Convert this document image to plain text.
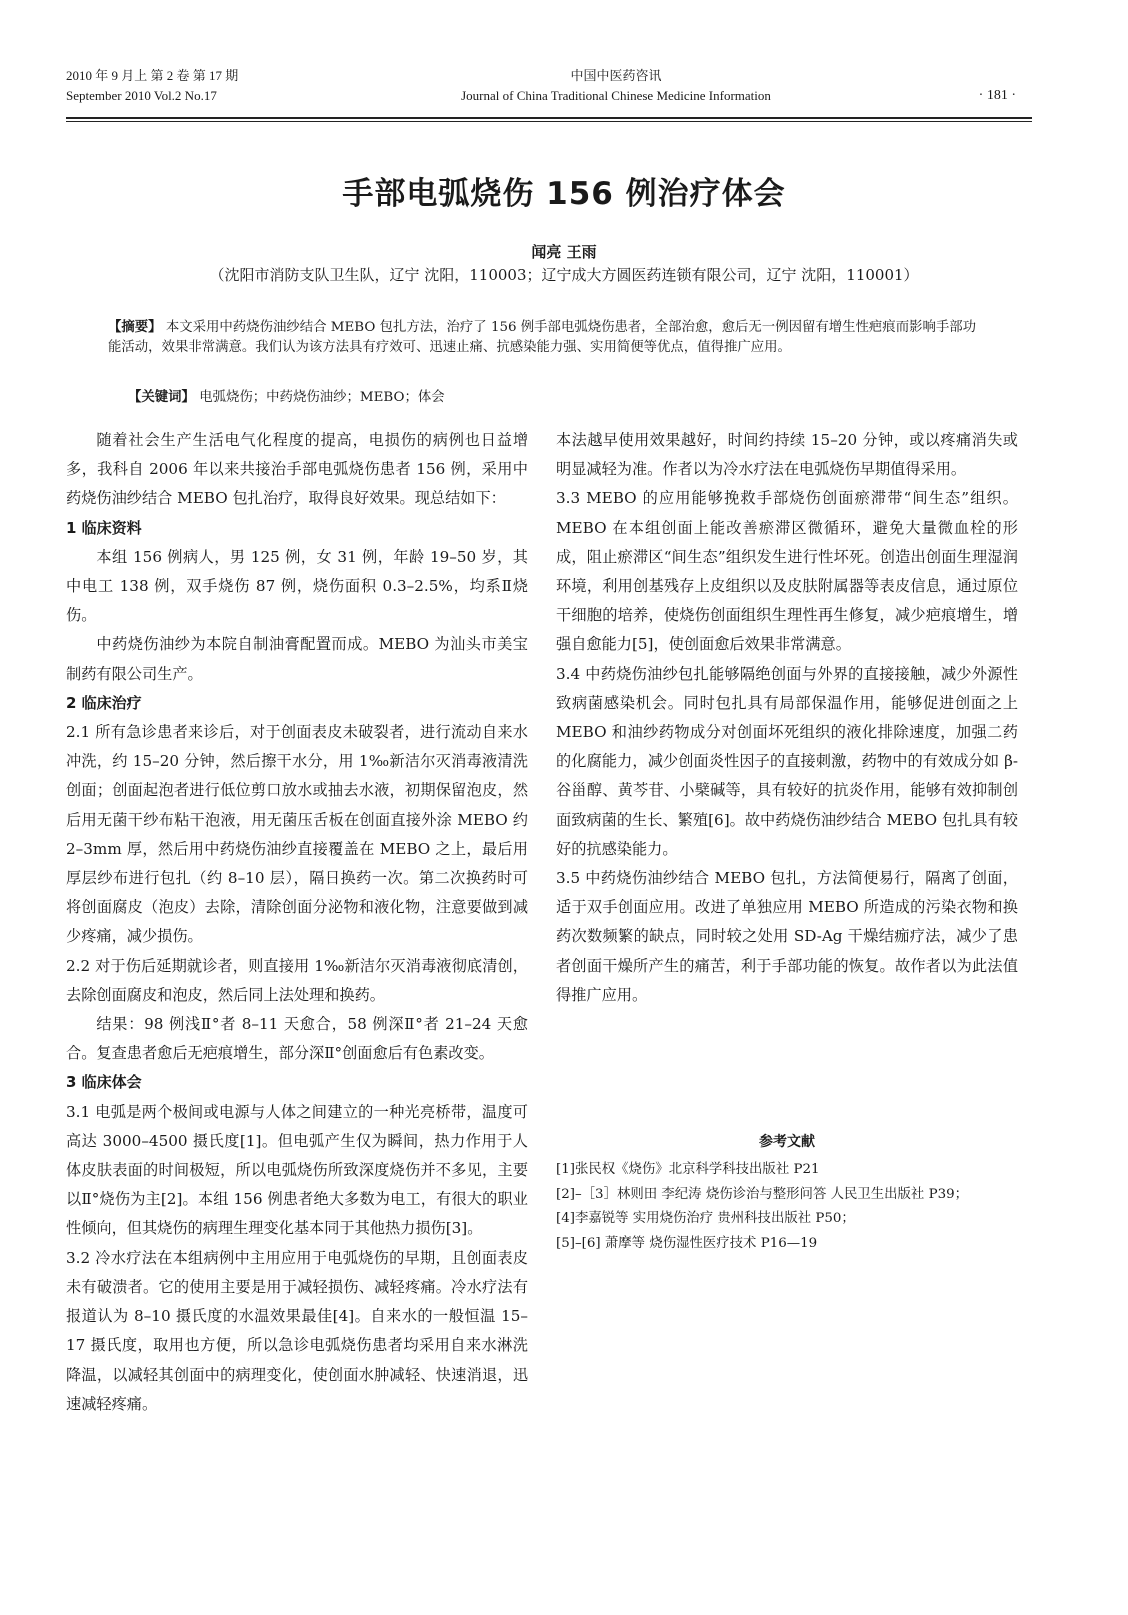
2010 年 9 月上 第 2 卷 第 17 期
September 2010 Vol.2 No.17
中国中医药咨讯
Journal of China Traditional Chinese Medicine Information	· 181 ·
手部电弧烧伤 156 例治疗体会
闻亮 王雨
（沈阳市消防支队卫生队，辽宁 沈阳，110003；辽宁成大方圆医药连锁有限公司，辽宁 沈阳，110001）
【摘要】 本文采用中药烧伤油纱结合 MEBO 包扎方法，治疗了 156 例手部电弧烧伤患者，全部治愈，愈后无一例因留有增生性疤痕而影响手部功能活动，效果非常满意。我们认为该方法具有疗效可、迅速止痛、抗感染能力强、实用简便等优点，值得推广应用。
【关键词】 电弧烧伤；中药烧伤油纱；MEBO；体会

随着社会生产生活电气化程度的提高，电损伤的病例也日益增多，我科自 2006 年以来共接治手部电弧烧伤患者 156 例，采用中药烧伤油纱结合 MEBO 包扎治疗，取得良好效果。现总结如下：

1 临床资料

本组 156 例病人，男 125 例，女 31 例，年龄 19–50 岁，其中电工 138 例，双手烧伤 87 例，烧伤面积 0.3–2.5%，均系Ⅱ烧伤。

中药烧伤油纱为本院自制油膏配置而成。MEBO 为汕头市美宝制药有限公司生产。

2 临床治疗

2.1 所有急诊患者来诊后，对于创面表皮未破裂者，进行流动自来水冲洗，约 15–20 分钟，然后擦干水分，用 1‰新洁尔灭消毒液清洗创面；创面起泡者进行低位剪口放水或抽去水液，初期保留泡皮，然后用无菌干纱布粘干泡液，用无菌压舌板在创面直接外涂 MEBO 约 2–3mm 厚，然后用中药烧伤油纱直接覆盖在 MEBO 之上，最后用厚层纱布进行包扎（约 8–10 层），隔日换药一次。第二次换药时可将创面腐皮（泡皮）去除，清除创面分泌物和液化物，注意要做到减少疼痛，减少损伤。

2.2 对于伤后延期就诊者，则直接用 1‰新洁尔灭消毒液彻底清创，去除创面腐皮和泡皮，然后同上法处理和换药。

结果：98 例浅Ⅱ°者 8–11 天愈合，58 例深Ⅱ°者 21–24 天愈合。复查患者愈后无疤痕增生，部分深Ⅱ°创面愈后有色素改变。

3 临床体会

3.1 电弧是两个极间或电源与人体之间建立的一种光亮桥带，温度可高达 3000–4500 摄氏度[1]。但电弧产生仅为瞬间，热力作用于人体皮肤表面的时间极短，所以电弧烧伤所致深度烧伤并不多见，主要以Ⅱ°烧伤为主[2]。本组 156 例患者绝大多数为电工，有很大的职业性倾向，但其烧伤的病理生理变化基本同于其他热力损伤[3]。

3.2 冷水疗法在本组病例中主用应用于电弧烧伤的早期，且创面表皮未有破溃者。它的使用主要是用于减轻损伤、减轻疼痛。冷水疗法有报道认为 8–10 摄氏度的水温效果最佳[4]。自来水的一般恒温 15–17 摄氏度，取用也方便，所以急诊电弧烧伤患者均采用自来水淋洗降温，以减轻其创面中的病理变化，使创面水肿减轻、快速消退，迅速减轻疼痛。

本法越早使用效果越好，时间约持续 15–20 分钟，或以疼痛消失或明显减轻为准。作者以为冷水疗法在电弧烧伤早期值得采用。

3.3 MEBO 的应用能够挽救手部烧伤创面瘀滞带“间生态”组织。MEBO 在本组创面上能改善瘀滞区微循环，避免大量微血栓的形成，阻止瘀滞区“间生态”组织发生进行性坏死。创造出创面生理湿润环境，利用创基残存上皮组织以及皮肤附属器等表皮信息，通过原位干细胞的培养，使烧伤创面组织生理性再生修复，减少疤痕增生，增强自愈能力[5]，使创面愈后效果非常满意。

3.4 中药烧伤油纱包扎能够隔绝创面与外界的直接接触，减少外源性致病菌感染机会。同时包扎具有局部保温作用，能够促进创面之上 MEBO 和油纱药物成分对创面坏死组织的液化排除速度，加强二药的化腐能力，减少创面炎性因子的直接刺激，药物中的有效成分如 β-谷甾醇、黄芩苷、小檗碱等，具有较好的抗炎作用，能够有效抑制创面致病菌的生长、繁殖[6]。故中药烧伤油纱结合 MEBO 包扎具有较好的抗感染能力。

3.5 中药烧伤油纱结合 MEBO 包扎，方法简便易行，隔离了创面，适于双手创面应用。改进了单独应用 MEBO 所造成的污染衣物和换药次数频繁的缺点，同时较之处用 SD-Ag 干燥结痂疗法，减少了患者创面干燥所产生的痛苦，利于手部功能的恢复。故作者以为此法值得推广应用。

参考文献

[1]张民权《烧伤》北京科学科技出版社 P21

[2]–［3］林则田 李纪涛 烧伤诊治与整形问答 人民卫生出版社 P39；

[4]李嘉锐等 实用烧伤治疗 贵州科技出版社 P50；

[5]–[6] 萧摩等 烧伤湿性医疗技术 P16—19
